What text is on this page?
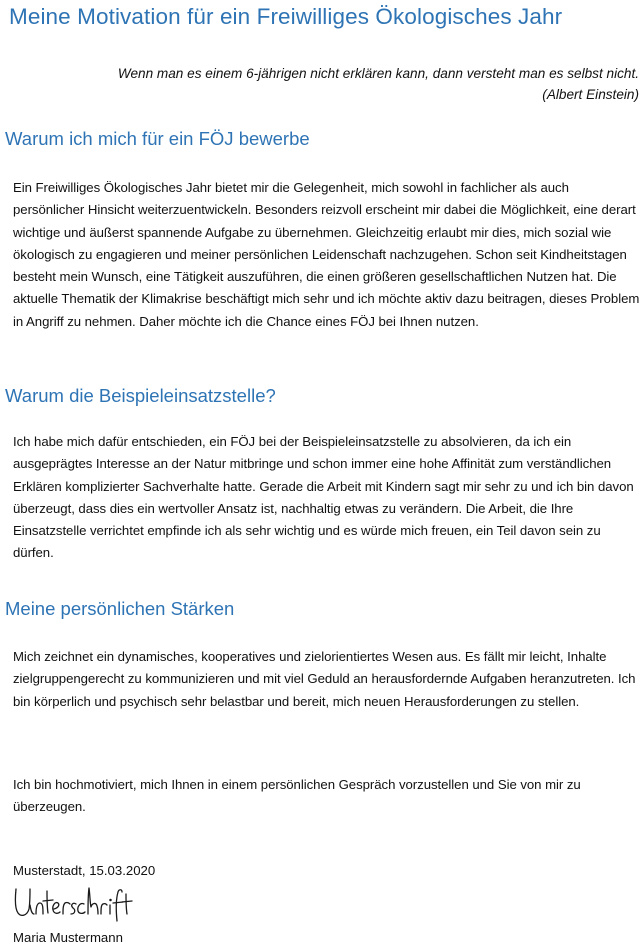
Meine Motivation für ein Freiwilliges Ökologisches Jahr
Wenn man es einem 6-jährigen nicht erklären kann, dann versteht man es selbst nicht.
(Albert Einstein)
Warum ich mich für ein FÖJ bewerbe

Ein Freiwilliges Ökologisches Jahr bietet mir die Gelegenheit, mich sowohl in fachlicher als auch persönlicher Hinsicht weiterzuentwickeln. Besonders reizvoll erscheint mir dabei die Möglichkeit, eine derart wichtige und äußerst spannende Aufgabe zu übernehmen. Gleichzeitig erlaubt mir dies, mich sozial wie ökologisch zu engagieren und meiner persönlichen Leidenschaft nachzugehen. Schon seit Kindheitstagen besteht mein Wunsch, eine Tätigkeit auszuführen, die einen größeren gesellschaftlichen Nutzen hat. Die aktuelle Thematik der Klimakrise beschäftigt mich sehr und ich möchte aktiv dazu beitragen, dieses Problem in Angriff zu nehmen. Daher möchte ich die Chance eines FÖJ bei Ihnen nutzen.

Warum die Beispieleinsatzstelle?

Ich habe mich dafür entschieden, ein FÖJ bei der Beispieleinsatzstelle zu absolvieren, da ich ein ausgeprägtes Interesse an der Natur mitbringe und schon immer eine hohe Affinität zum verständlichen Erklären komplizierter Sachverhalte hatte. Gerade die Arbeit mit Kindern sagt mir sehr zu und ich bin davon überzeugt, dass dies ein wertvoller Ansatz ist, nachhaltig etwas zu verändern. Die Arbeit, die Ihre Einsatzstelle verrichtet empfinde ich als sehr wichtig und es würde mich freuen, ein Teil davon sein zu dürfen.

Meine persönlichen Stärken

Mich zeichnet ein dynamisches, kooperatives und zielorientiertes Wesen aus. Es fällt mir leicht, Inhalte zielgruppengerecht zu kommunizieren und mit viel Geduld an herausfordernde Aufgaben heranzutreten. Ich bin körperlich und psychisch sehr belastbar und bereit, mich neuen Herausforderungen zu stellen.

Ich bin hochmotiviert, mich Ihnen in einem persönlichen Gespräch vorzustellen und Sie von mir zu überzeugen.

Musterstadt, 15.03.2020
Maria Mustermann
